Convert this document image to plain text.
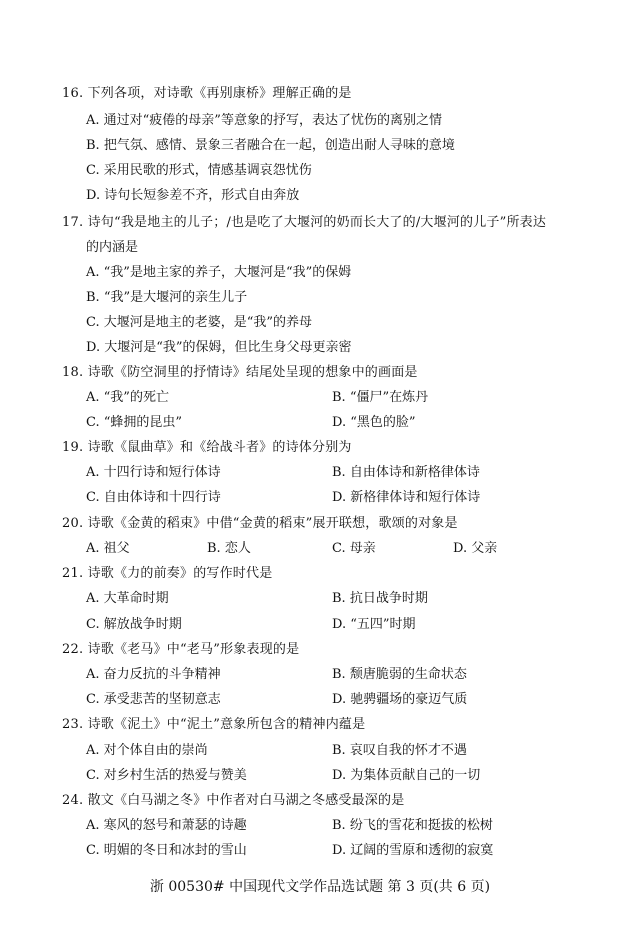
16. 下列各项，对诗歌《再别康桥》理解正确的是
A. 通过对“疲倦的母亲”等意象的抒写，表达了忧伤的离别之情
B. 把气氛、感情、景象三者融合在一起，创造出耐人寻味的意境
C. 采用民歌的形式，情感基调哀怨忧伤
D. 诗句长短参差不齐，形式自由奔放
17. 诗句“我是地主的儿子；/也是吃了大堰河的奶而长大了的/大堰河的儿子”所表达
的内涵是
A. “我”是地主家的养子，大堰河是“我”的保姆
B. “我”是大堰河的亲生儿子
C. 大堰河是地主的老婆，是“我”的养母
D. 大堰河是“我”的保姆，但比生身父母更亲密
18. 诗歌《防空洞里的抒情诗》结尾处呈现的想象中的画面是
A. “我”的死亡	B. “僵尸”在炼丹
C. “蜂拥的昆虫”	D. “黑色的脸”
19. 诗歌《鼠曲草》和《给战斗者》的诗体分别为
A. 十四行诗和短行体诗	B. 自由体诗和新格律体诗
C. 自由体诗和十四行诗	D. 新格律体诗和短行体诗
20. 诗歌《金黄的稻束》中借“金黄的稻束”展开联想，歌颂的对象是
A. 祖父	B. 恋人	C. 母亲	D. 父亲
21. 诗歌《力的前奏》的写作时代是
A. 大革命时期	B. 抗日战争时期
C. 解放战争时期	D. “五四”时期
22. 诗歌《老马》中“老马”形象表现的是
A. 奋力反抗的斗争精神	B. 颓唐脆弱的生命状态
C. 承受悲苦的坚韧意志	D. 驰骋疆场的豪迈气质
23. 诗歌《泥土》中“泥土”意象所包含的精神内蕴是
A. 对个体自由的崇尚	B. 哀叹自我的怀才不遇
C. 对乡村生活的热爱与赞美	D. 为集体贡献自己的一切
24. 散文《白马湖之冬》中作者对白马湖之冬感受最深的是
A. 寒风的怒号和萧瑟的诗趣	B. 纷飞的雪花和挺拔的松树
C. 明媚的冬日和冰封的雪山	D. 辽阔的雪原和透彻的寂寞
浙 00530# 中国现代文学作品选试题 第 3 页(共 6 页)
